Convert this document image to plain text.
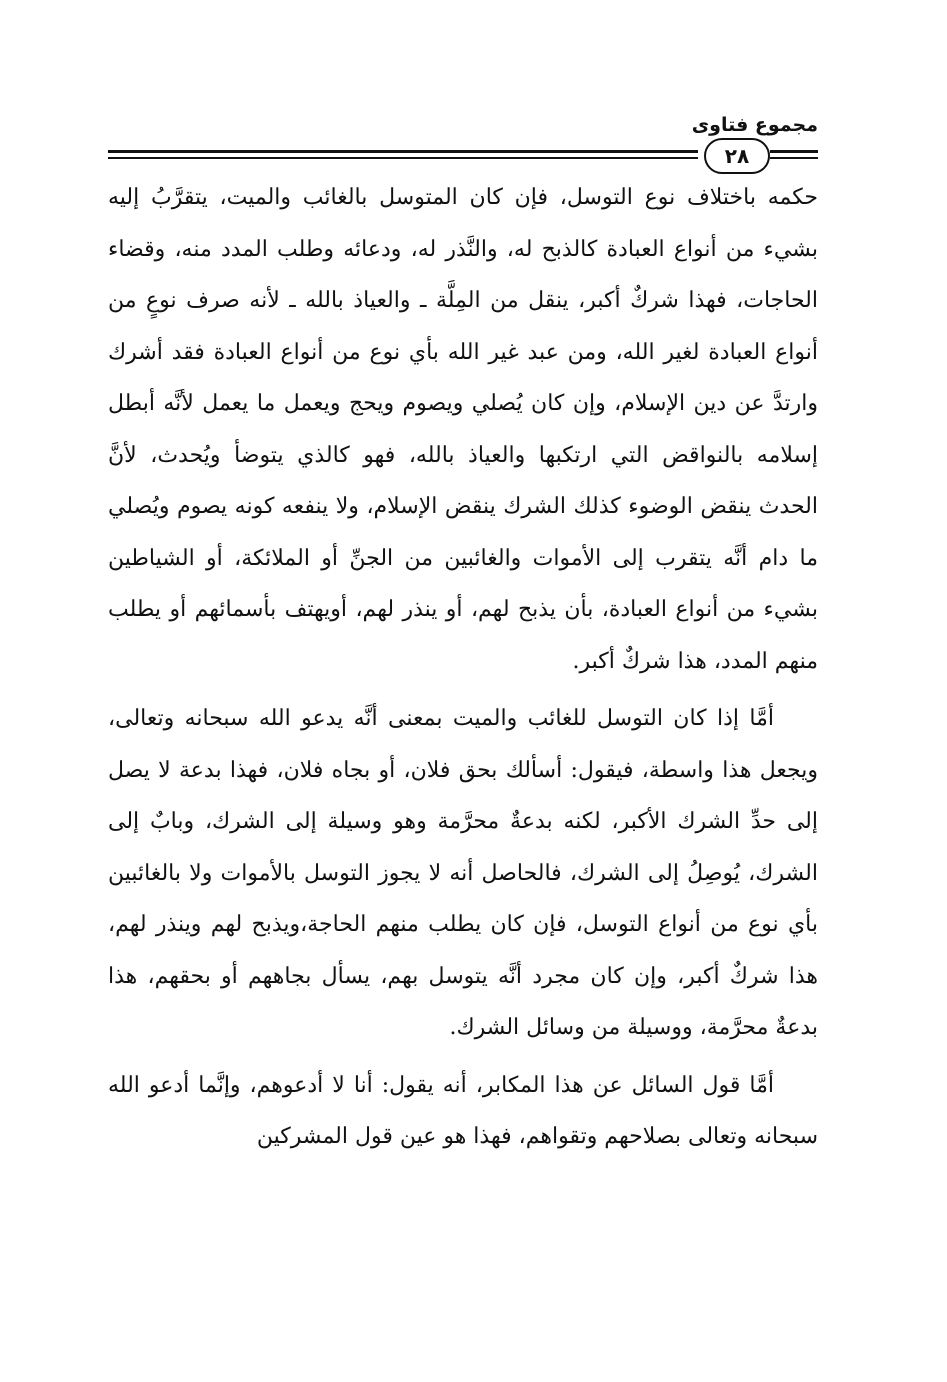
مجموع فتاوى
٢٨

حكمه باختلاف نوع التوسل، فإن كان المتوسل بالغائب والميت، يتقرَّبُ إليه بشيء من أنواع العبادة كالذبح له، والنَّذر له، ودعائه وطلب المدد منه، وقضاء الحاجات، فهذا شركٌ أكبر، ينقل من المِلَّة ـ والعياذ بالله ـ لأنه صرف نوعٍ من أنواع العبادة لغير الله، ومن عبد غير الله بأي نوع من أنواع العبادة فقد أشرك وارتدَّ عن دين الإسلام، وإن كان يُصلي ويصوم ويحج ويعمل ما يعمل لأنَّه أبطل إسلامه بالنواقض التي ارتكبها والعياذ بالله، فهو كالذي يتوضأ ويُحدث، لأنَّ الحدث ينقض الوضوء كذلك الشرك ينقض الإسلام، ولا ينفعه كونه يصوم ويُصلي ما دام أنَّه يتقرب إلى الأموات والغائبين من الجنِّ أو الملائكة، أو الشياطين بشيء من أنواع العبادة، بأن يذبح لهم، أو ينذر لهم، أويهتف بأسمائهم أو يطلب منهم المدد، هذا شركٌ أكبر.

أمَّا إذا كان التوسل للغائب والميت بمعنى أنَّه يدعو الله سبحانه وتعالى، ويجعل هذا واسطة، فيقول: أسألك بحق فلان، أو بجاه فلان، فهذا بدعة لا يصل إلى حدِّ الشرك الأكبر، لكنه بدعةٌ محرَّمة وهو وسيلة إلى الشرك، وبابٌ إلى الشرك، يُوصِلُ إلى الشرك، فالحاصل أنه لا يجوز التوسل بالأموات ولا بالغائبين بأي نوع من أنواع التوسل، فإن كان يطلب منهم الحاجة،ويذبح لهم وينذر لهم، هذا شركٌ أكبر، وإن كان مجرد أنَّه يتوسل بهم، يسأل بجاههم أو بحقهم، هذا بدعةٌ محرَّمة، ووسيلة من وسائل الشرك.

أمَّا قول السائل عن هذا المكابر، أنه يقول: أنا لا أدعوهم، وإنَّما أدعو الله سبحانه وتعالى بصلاحهم وتقواهم، فهذا هو عين قول المشركين
